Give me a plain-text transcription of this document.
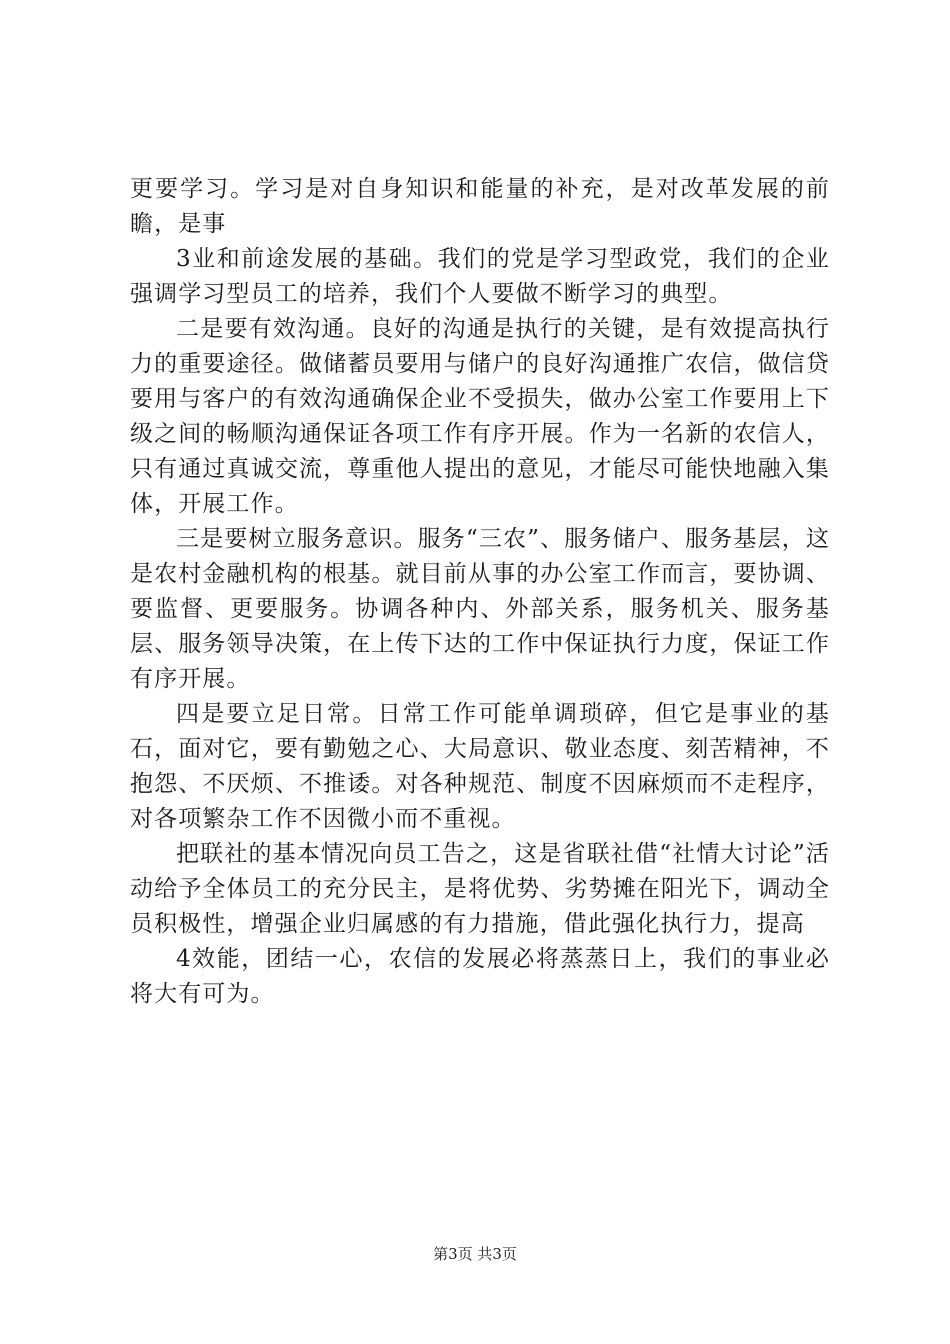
更要学习。学习是对自身知识和能量的补充，是对改革发展的前瞻，是事

3业和前途发展的基础。我们的党是学习型政党，我们的企业强调学习型员工的培养，我们个人要做不断学习的典型。

二是要有效沟通。良好的沟通是执行的关键，是有效提高执行力的重要途径。做储蓄员要用与储户的良好沟通推广农信，做信贷要用与客户的有效沟通确保企业不受损失，做办公室工作要用上下级之间的畅顺沟通保证各项工作有序开展。作为一名新的农信人，只有通过真诚交流，尊重他人提出的意见，才能尽可能快地融入集体，开展工作。

三是要树立服务意识。服务“三农”、服务储户、服务基层，这是农村金融机构的根基。就目前从事的办公室工作而言，要协调、要监督、更要服务。协调各种内、外部关系，服务机关、服务基层、服务领导决策，在上传下达的工作中保证执行力度，保证工作有序开展。

四是要立足日常。日常工作可能单调琐碎，但它是事业的基石，面对它，要有勤勉之心、大局意识、敬业态度、刻苦精神，不抱怨、不厌烦、不推诿。对各种规范、制度不因麻烦而不走程序，对各项繁杂工作不因微小而不重视。

把联社的基本情况向员工告之，这是省联社借“社情大讨论”活动给予全体员工的充分民主，是将优势、劣势摊在阳光下，调动全员积极性，增强企业归属感的有力措施，借此强化执行力，提高

4效能，团结一心，农信的发展必将蒸蒸日上，我们的事业必将大有可为。

第3页 共3页
